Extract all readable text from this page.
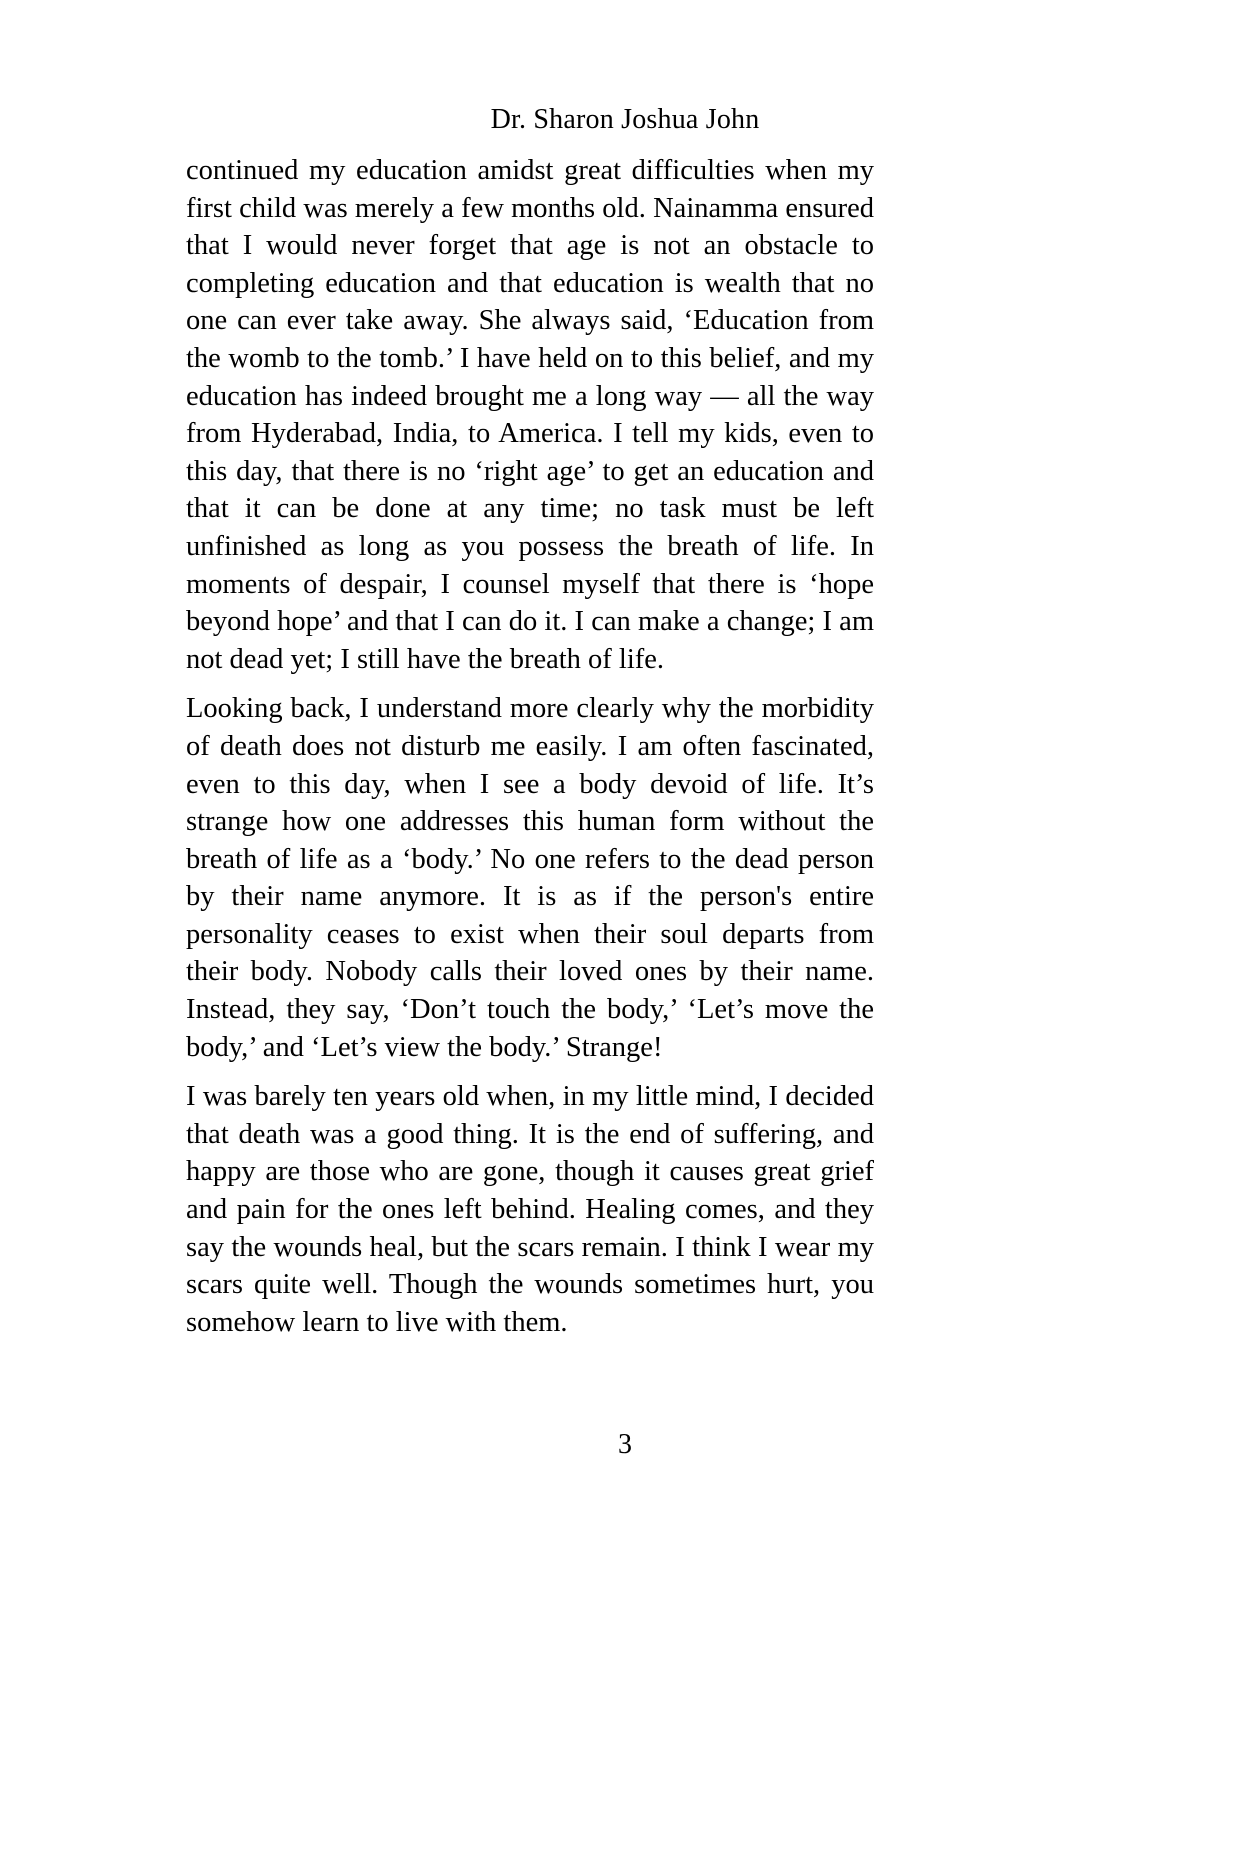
Dr. Sharon Joshua John

continued my education amidst great difficulties when my first child was merely a few months old. Nainamma ensured that I would never forget that age is not an obstacle to completing education and that education is wealth that no one can ever take away. She always said, ‘Education from the womb to the tomb.’ I have held on to this belief, and my education has indeed brought me a long way — all the way from Hyderabad, India, to America. I tell my kids, even to this day, that there is no ‘right age’ to get an education and that it can be done at any time; no task must be left unfinished as long as you possess the breath of life. In moments of despair, I counsel myself that there is ‘hope beyond hope’ and that I can do it. I can make a change; I am not dead yet; I still have the breath of life.

Looking back, I understand more clearly why the morbidity of death does not disturb me easily. I am often fascinated, even to this day, when I see a body devoid of life. It’s strange how one addresses this human form without the breath of life as a ‘body.’ No one refers to the dead person by their name anymore. It is as if the person's entire personality ceases to exist when their soul departs from their body. Nobody calls their loved ones by their name. Instead, they say, ‘Don’t touch the body,’ ‘Let’s move the body,’ and ‘Let’s view the body.’ Strange!

I was barely ten years old when, in my little mind, I decided that death was a good thing. It is the end of suffering, and happy are those who are gone, though it causes great grief and pain for the ones left behind. Healing comes, and they say the wounds heal, but the scars remain. I think I wear my scars quite well. Though the wounds sometimes hurt, you somehow learn to live with them.

3
